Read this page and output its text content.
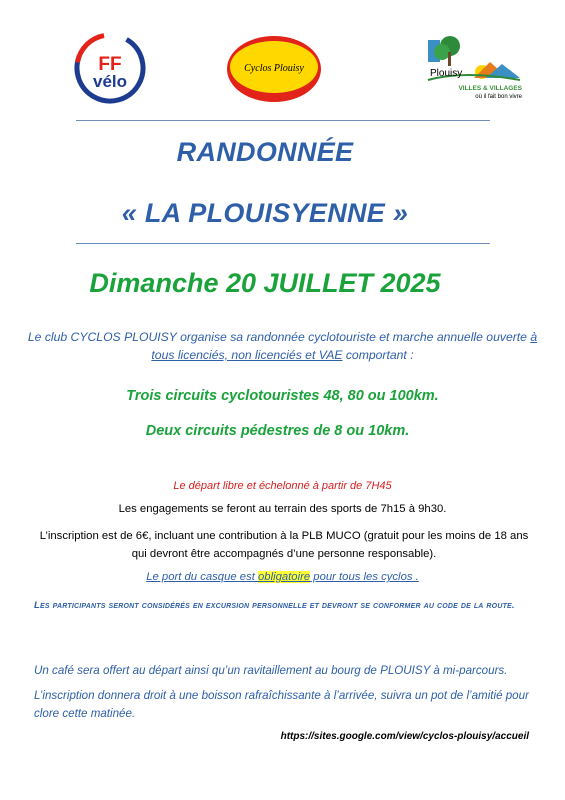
FF
vélo
Cyclos Plouisy	Plouisy
VILLES & VILLAGES
où il fait bon vivre
RANDONNÉE
« LA PLOUISYENNE »
Dimanche 20 JUILLET 2025
Le club CYCLOS PLOUISY organise sa randonnée cyclotouriste et marche annuelle ouverte à tous licenciés, non licenciés et VAE comportant :
Trois circuits cyclotouristes 48, 80 ou 100km.
Deux circuits pédestres de 8 ou 10km.
Le départ libre et échelonné à partir de 7H45
Les engagements se feront au terrain des sports de 7h15 à 9h30.
L’inscription est de 6€, incluant une contribution à la PLB MUCO (gratuit pour les moins de 18 ans qui devront être accompagnés d’une personne responsable).
Le port du casque est obligatoire pour tous les cyclos .
Les participants seront considérés en excursion personnelle et devront se conformer au code de la route.
Un café sera offert au départ ainsi qu’un ravitaillement au bourg de PLOUISY à mi-parcours.
L’inscription donnera droit à une boisson rafraîchissante à l’arrivée, suivra un pot de l’amitié pour clore cette matinée.
https://sites.google.com/view/cyclos-plouisy/accueil
